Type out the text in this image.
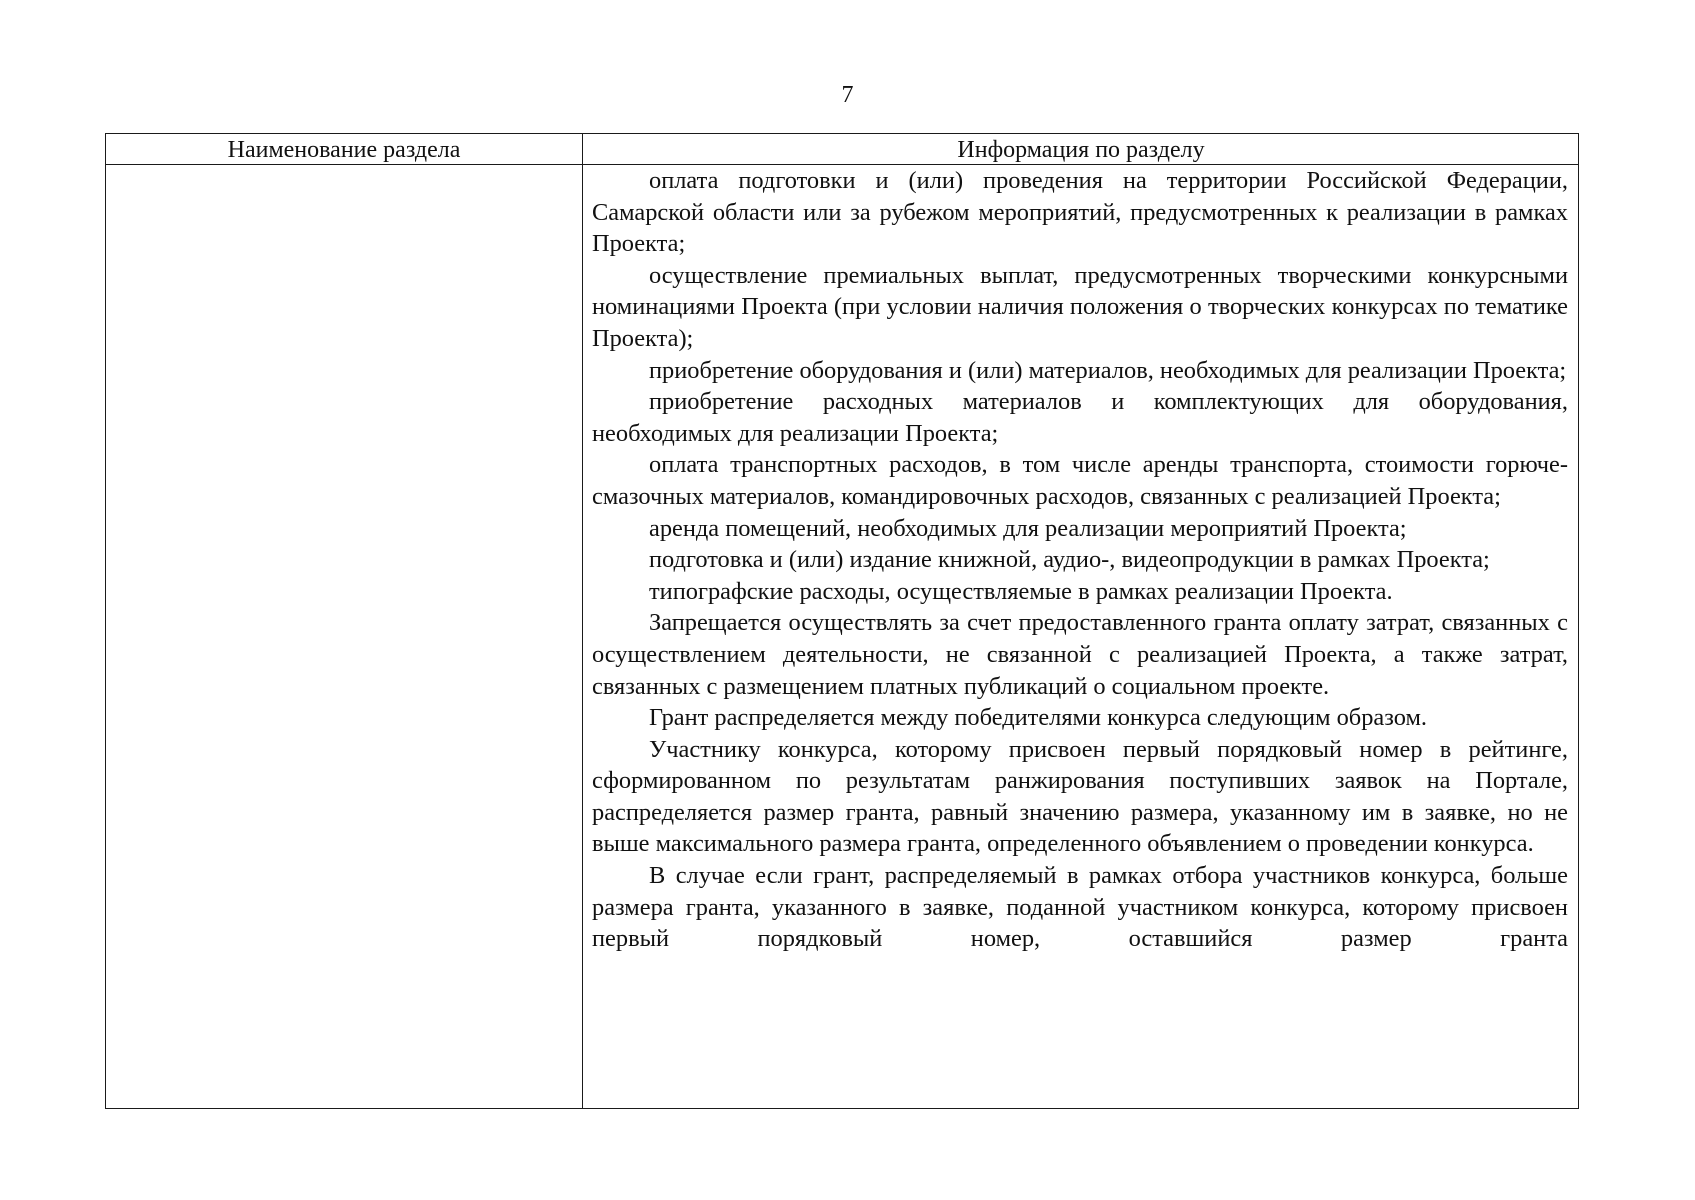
7
Наименование раздела	Информация по разделу

оплата подготовки и (или) проведения на территории Российской Федерации, Самарской области или за рубежом мероприятий, предусмотренных к реализации в рамках Проекта;

осуществление премиальных выплат, предусмотренных творческими конкурсными номинациями Проекта (при условии наличия положения о творческих конкурсах по тематике Проекта);

приобретение оборудования и (или) материалов, необходимых для реализации Проекта;

приобретение расходных материалов и комплектующих для оборудования, необходимых для реализации Проекта;

оплата транспортных расходов, в том числе аренды транспорта, стоимости горюче-смазочных материалов, командировочных расходов, связанных с реализацией Проекта;

аренда помещений, необходимых для реализации мероприятий Проекта;

подготовка и (или) издание книжной, аудио-, видеопродукции в рамках Проекта;

типографские расходы, осуществляемые в рамках реализации Проекта.

Запрещается осуществлять за счет предоставленного гранта оплату затрат, связанных с осуществлением деятельности, не связанной с реализацией Проекта, а также затрат, связанных с размещением платных публикаций о социальном проекте.

Грант распределяется между победителями конкурса следующим образом.

Участнику конкурса, которому присвоен первый порядковый номер в рейтинге, сформированном по результатам ранжирования поступивших заявок на Портале, распределяется размер гранта, равный значению размера, указанному им в заявке, но не выше максимального размера гранта, определенного объявлением о проведении конкурса.

В случае если грант, распределяемый в рамках отбора участников конкурса, больше размера гранта, указанного в заявке, поданной участником конкурса, которому присвоен первый порядковый номер, оставшийся размер гранта
